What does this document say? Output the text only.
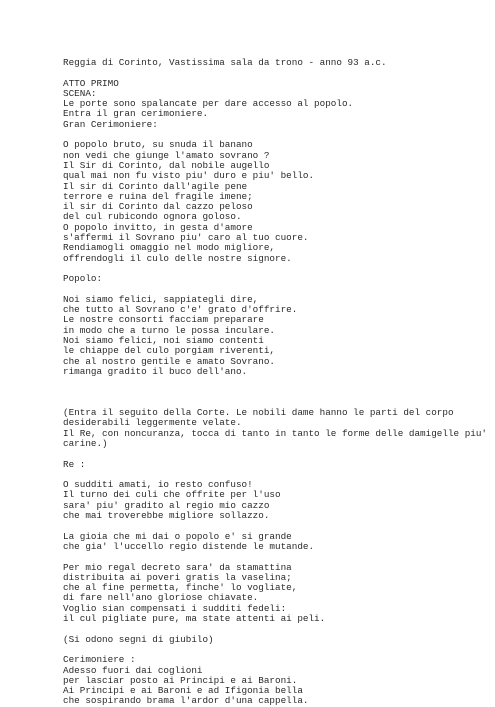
Reggia di Corinto, Vastissima sala da trono - anno 93 a.c.
ATTO PRIMO
SCENA:
Le porte sono spalancate per dare accesso al popolo.
Entra il gran cerimoniere.
Gran Cerimoniere:
O popolo bruto, su snuda il banano
non vedi che giunge l'amato sovrano ?
Il Sir di Corinto, dal nobile augello
qual mai non fu visto piu' duro e piu' bello.
Il sir di Corinto dall'agile pene
terrore e ruina del fragile imene;
il sir di Corinto dal cazzo peloso
del cul rubicondo ognora goloso.
O popolo invitto, in gesta d'amore
s'affermi il Sovrano piu' caro al tuo cuore.
Rendiamogli omaggio nel modo migliore,
offrendogli il culo delle nostre signore.
Popolo:
Noi siamo felici, sappiategli dire,
che tutto al Sovrano c'e' grato d'offrire.
Le nostre consorti facciam preparare
in modo che a turno le possa inculare.
Noi siamo felici, noi siamo contenti
le chiappe del culo porgiam riverenti,
che al nostro gentile e amato Sovrano.
rimanga gradito il buco dell'ano.
(Entra il seguito della Corte. Le nobili dame hanno le parti del corpo
desiderabili leggermente velate.
Il Re, con noncuranza, tocca di tanto in tanto le forme delle damigelle piu'
carine.)
Re :
O sudditi amati, io resto confuso!
Il turno dei culi che offrite per l'uso
sara' piu' gradito al regio mio cazzo
che mai troverebbe migliore sollazzo.
La gioia che mi dai o popolo e' si grande
che gia' l'uccello regio distende le mutande.
Per mio regal decreto sara' da stamattina
distribuita ai poveri gratis la vaselina;
che al fine permetta, finche' lo vogliate,
di fare nell'ano gloriose chiavate.
Voglio sian compensati i sudditi fedeli:
il cul pigliate pure, ma state attenti ai peli.
(Si odono segni di giubilo)
Cerimoniere :
Adesso fuori dai coglioni
per lasciar posto ai Principi e ai Baroni.
Ai Principi e ai Baroni e ad Ifigonia bella
che sospirando brama l'ardor d'una cappella.
